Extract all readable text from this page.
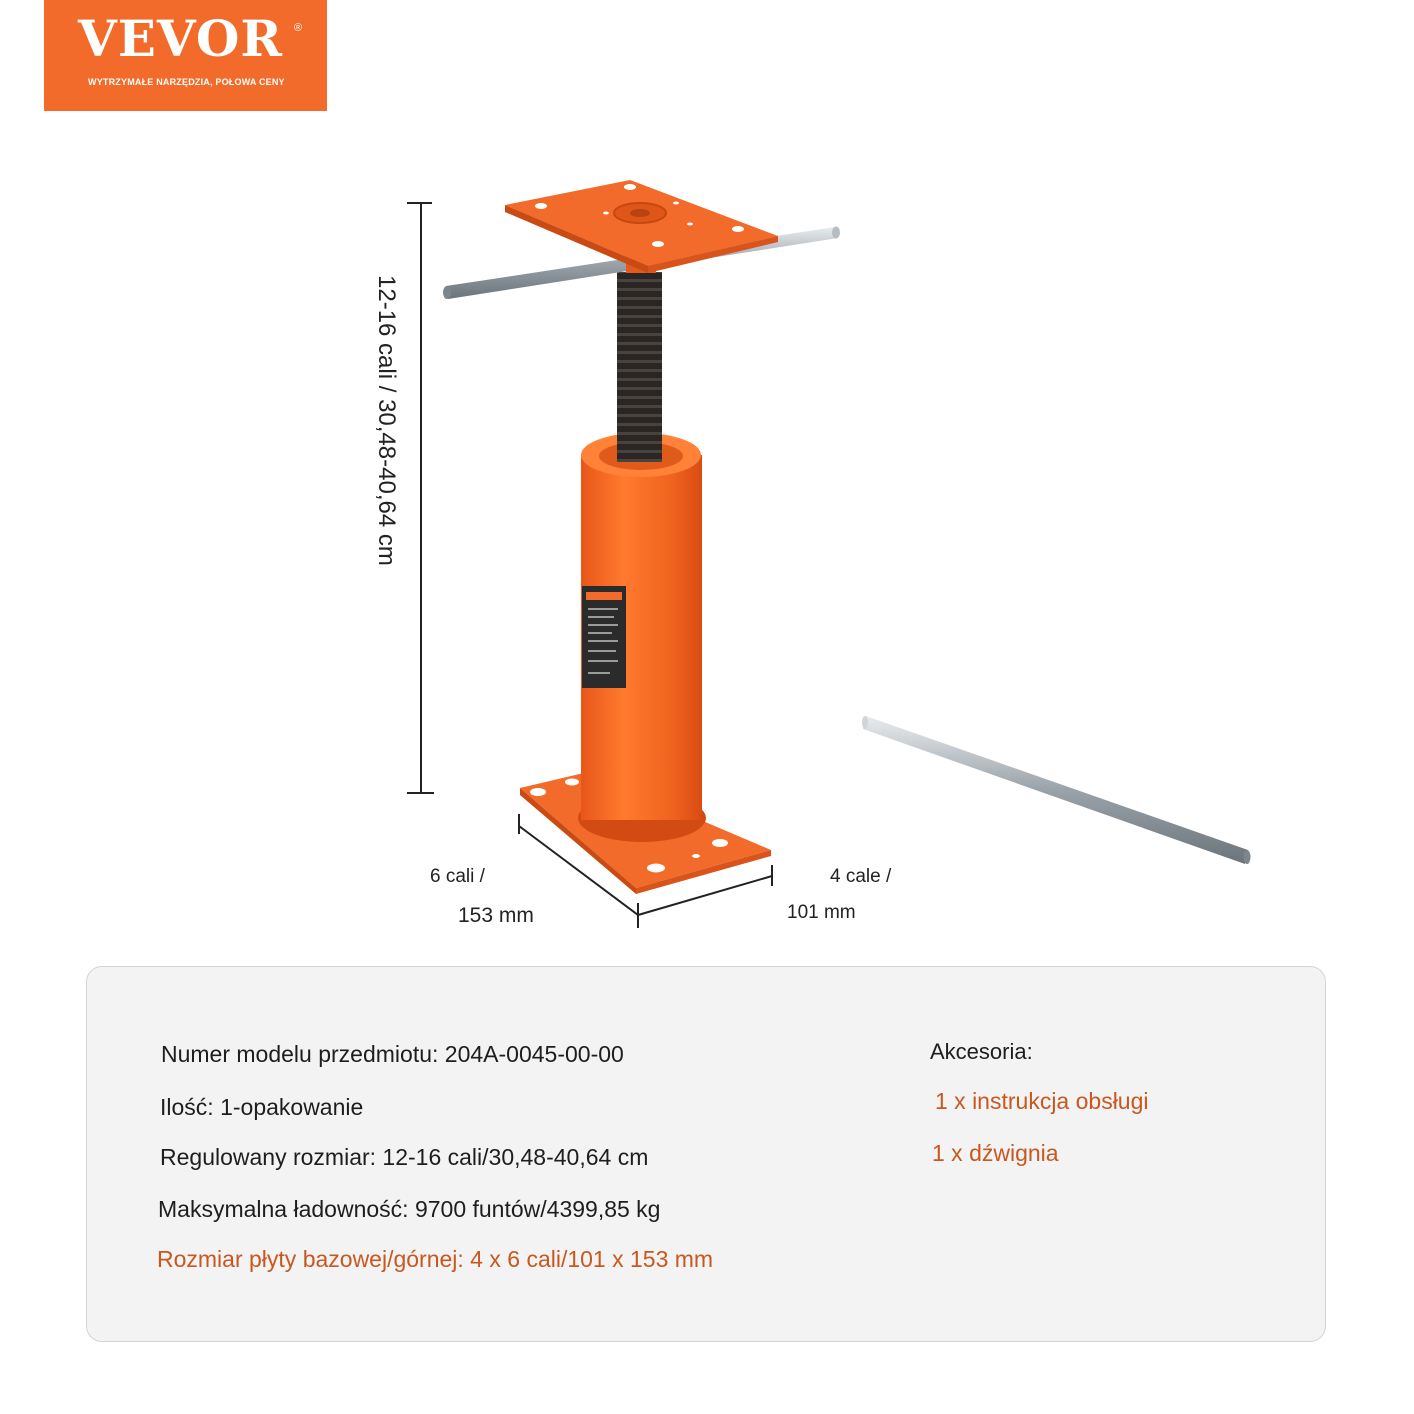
VEVOR ®
WYTRZYMAŁE NARZĘDZIA, POŁOWA CENY
12-16 cali / 30,48-40,64 cm
6 cali /
153 mm
4 cale /
101 mm
Numer modelu przedmiotu: 204A-0045-00-00
Ilość: 1-opakowanie
Regulowany rozmiar: 12-16 cali/30,48-40,64 cm
Maksymalna ładowność: 9700 funtów/4399,85 kg
Rozmiar płyty bazowej/górnej: 4 x 6 cali/101 x 153 mm
Akcesoria:
1 x instrukcja obsługi
1 x dźwignia
